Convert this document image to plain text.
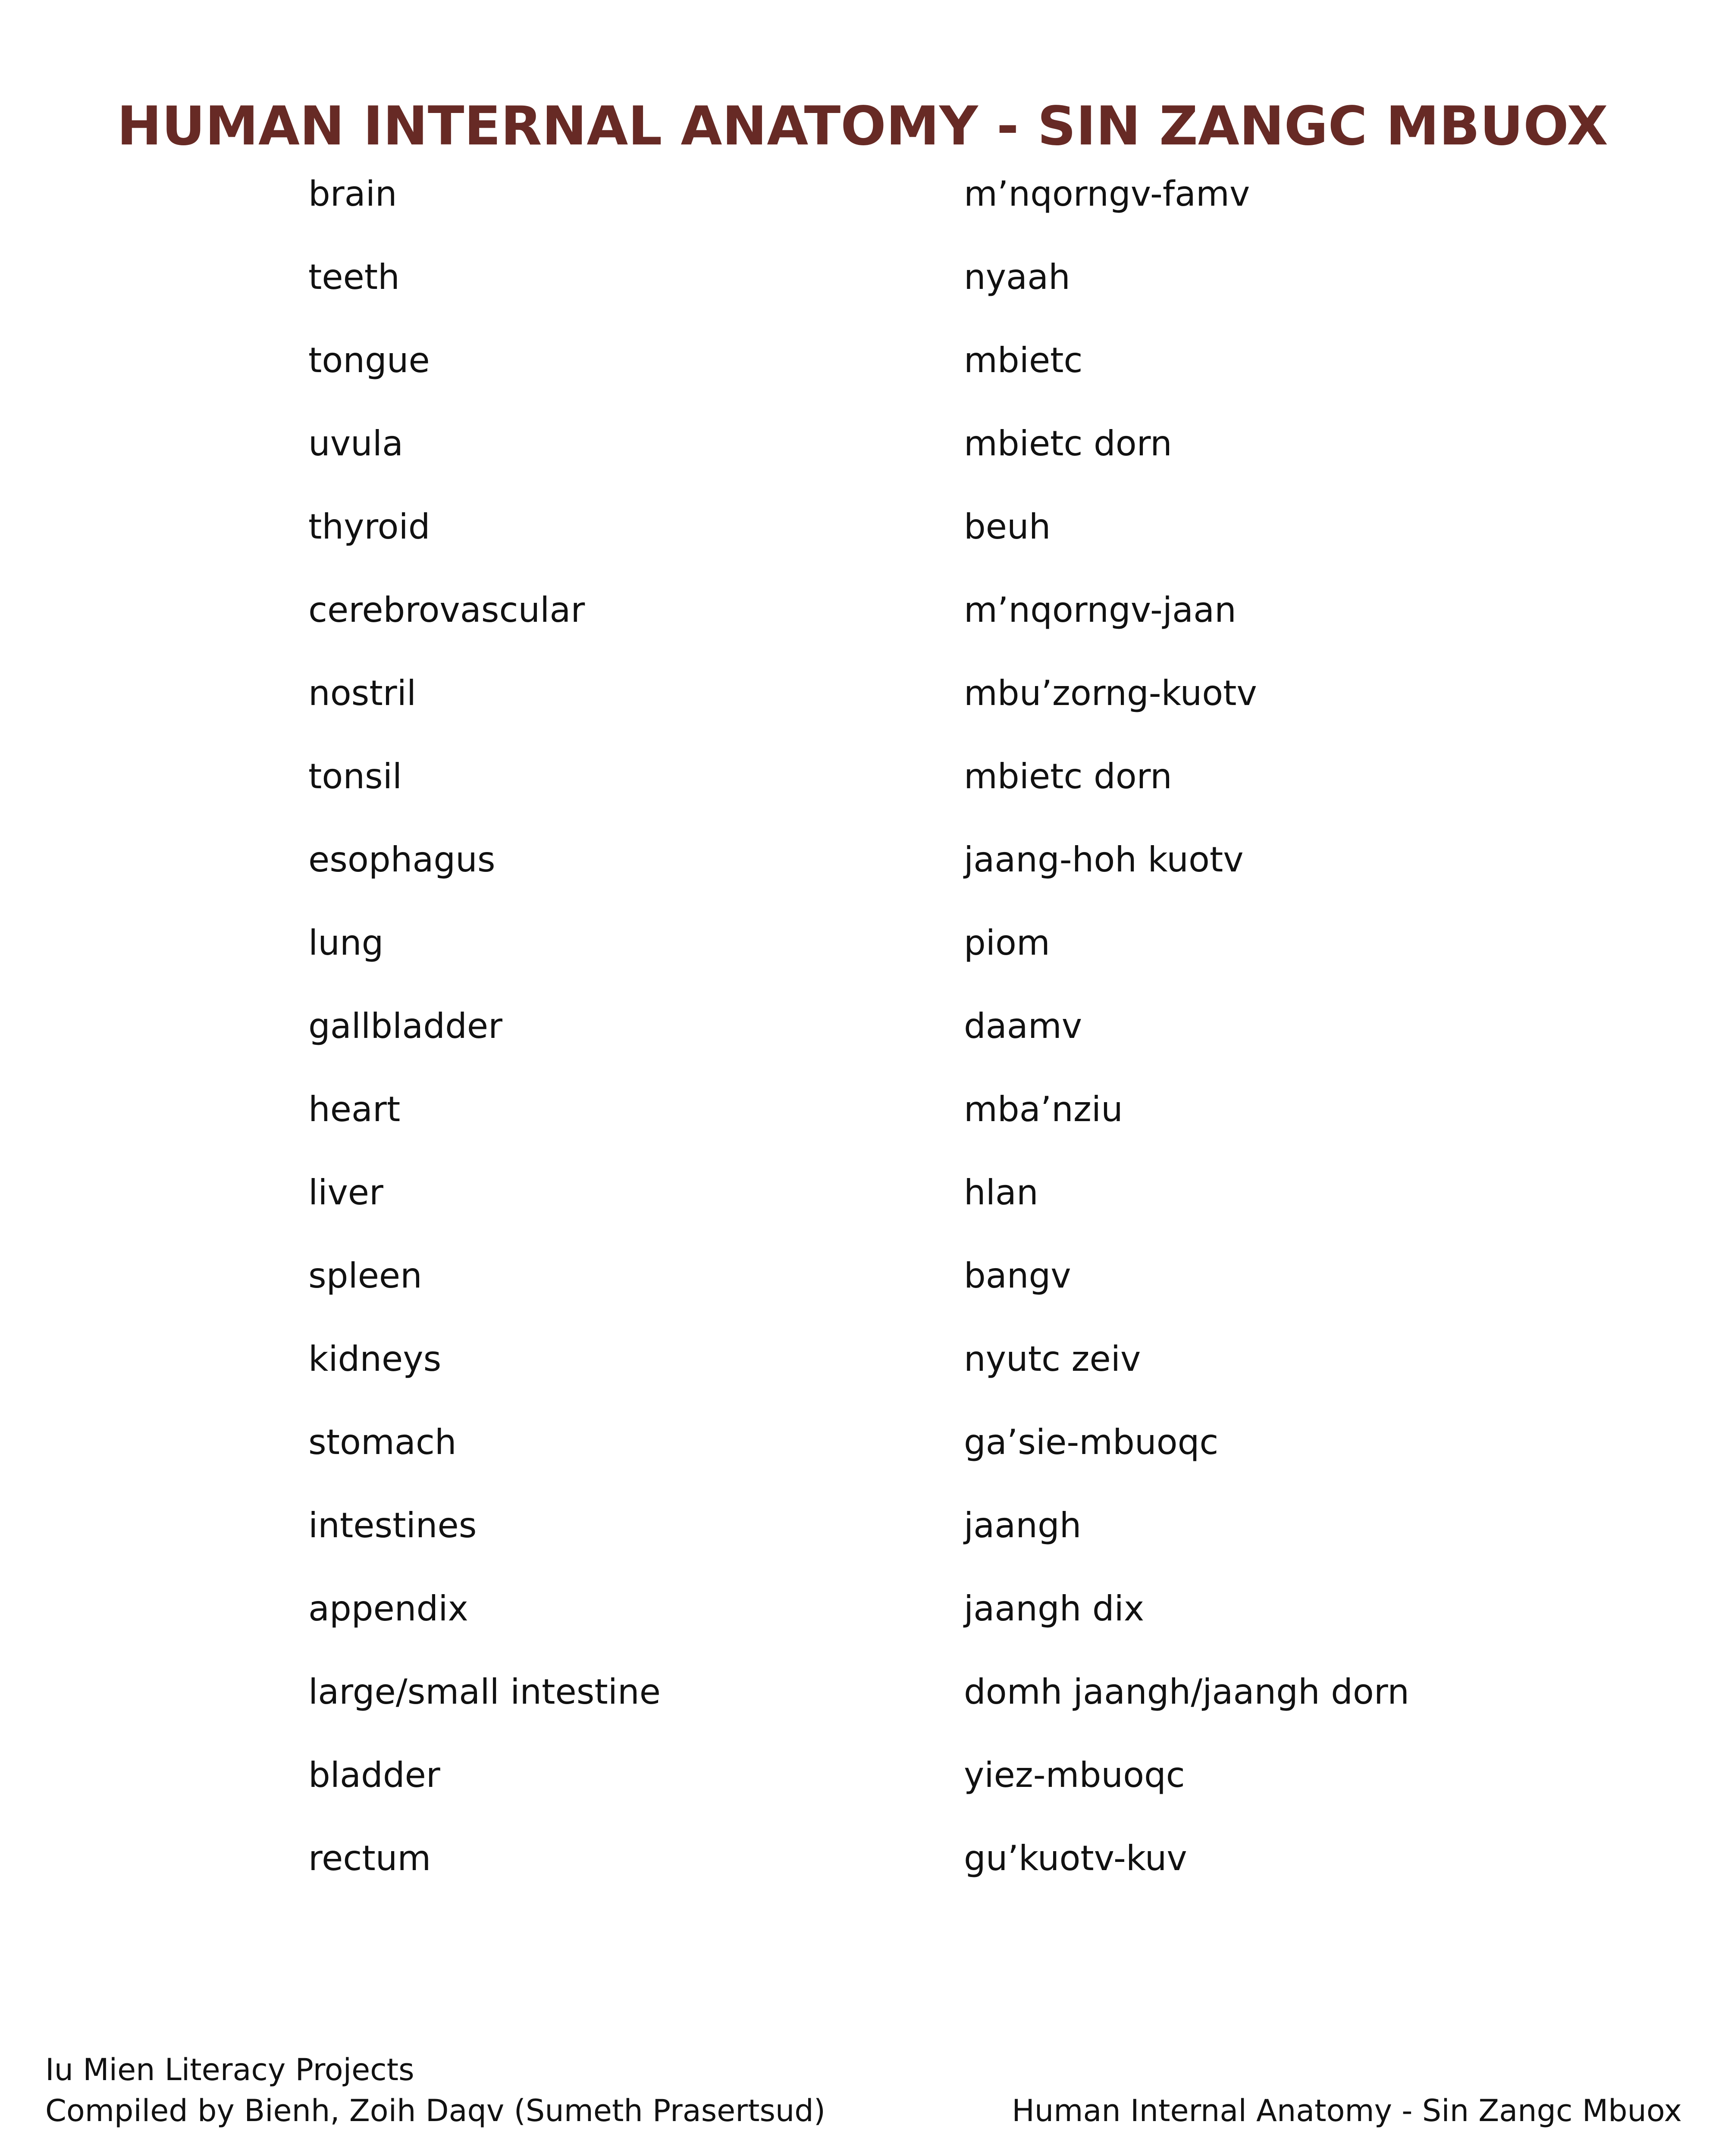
HUMAN INTERNAL ANATOMY - SIN ZANGC MBUOX
brain	m’nqorngv-famv
teeth	nyaah
tongue	mbietc
uvula	mbietc dorn
thyroid	beuh
cerebrovascular	m’nqorngv-jaan
nostril	mbu’zorng-kuotv
tonsil	mbietc dorn
esophagus	jaang-hoh kuotv
lung	piom
gallbladder	daamv
heart	mba’nziu
liver	hlan
spleen	bangv
kidneys	nyutc zeiv
stomach	ga’sie-mbuoqc
intestines	jaangh
appendix	jaangh dix
large/small intestine	domh jaangh/jaangh dorn
bladder	yiez-mbuoqc
rectum	gu’kuotv-kuv
Iu Mien Literacy Projects
Compiled by Bienh, Zoih Daqv (Sumeth Prasertsud)	Human Internal Anatomy - Sin Zangc Mbuox
